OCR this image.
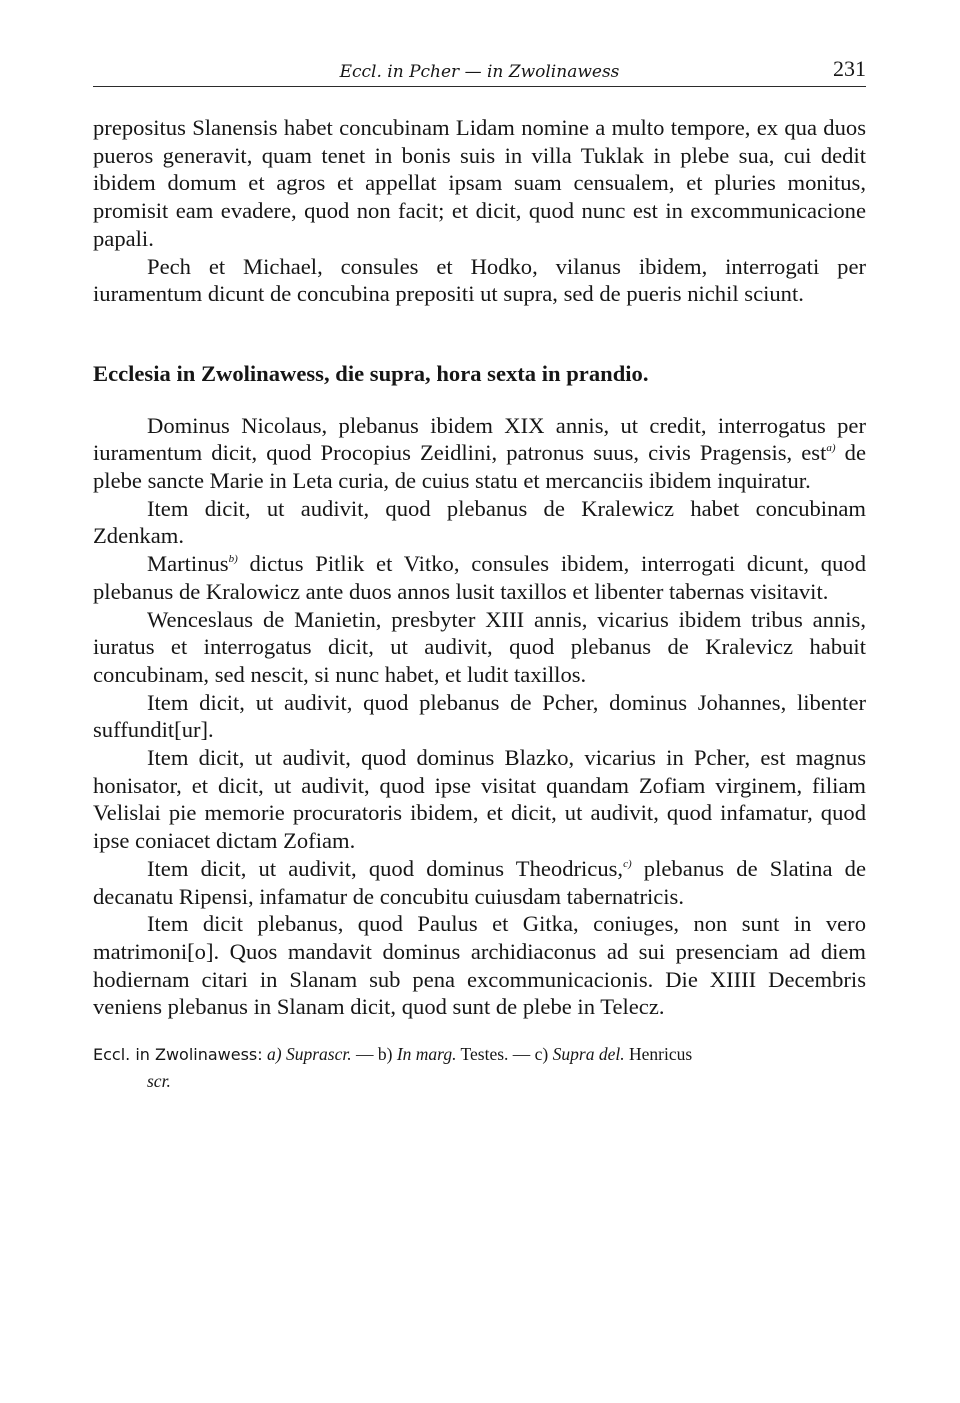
Eccl. in Pcher — in Zwolinawess	231

prepositus Slanensis habet concubinam Lidam nomine a multo tempore, ex qua duos pueros generavit, quam tenet in bonis suis in villa Tuklak in plebe sua, cui dedit ibidem domum et agros et appellat ipsam suam censualem, et pluries monitus, promisit eam evadere, quod non facit; et dicit, quod nunc est in excommunicacione papali.

Pech et Michael, consules et Hodko, vilanus ibidem, interrogati per iuramentum dicunt de concubina prepositi ut supra, sed de pueris nichil sciunt.

Ecclesia in Zwolinawess, die supra, hora sexta in prandio.

Dominus Nicolaus, plebanus ibidem XIX annis, ut credit, interrogatus per iuramentum dicit, quod Procopius Zeidlini, patronus suus, civis Pragensis, est$^{a)}$ de plebe sancte Marie in Leta curia, de cuius statu et mercanciis ibidem inquiratur.

Item dicit, ut audivit, quod plebanus de Kralewicz habet concubinam Zdenkam.

Martinus$^{b)}$ dictus Pitlik et Vitko, consules ibidem, interrogati dicunt, quod plebanus de Kralowicz ante duos annos lusit taxillos et libenter tabernas visitavit.

Wenceslaus de Manietin, presbyter XIII annis, vicarius ibidem tribus annis, iuratus et interrogatus dicit, ut audivit, quod plebanus de Kralevicz habuit concubinam, sed nescit, si nunc habet, et ludit taxillos.

Item dicit, ut audivit, quod plebanus de Pcher, dominus Johannes, libenter suffundit[ur].

Item dicit, ut audivit, quod dominus Blazko, vicarius in Pcher, est magnus honisator, et dicit, ut audivit, quod ipse visitat quandam Zofiam virginem, filiam Velislai pie memorie procuratoris ibidem, et dicit, ut audivit, quod infamatur, quod ipse coniacet dictam Zofiam.

Item dicit, ut audivit, quod dominus Theodricus,$^{c)}$ plebanus de Slatina de decanatu Ripensi, infamatur de concubitu cuiusdam tabernatricis.

Item dicit plebanus, quod Paulus et Gitka, coniuges, non sunt in vero matrimoni[o]. Quos mandavit dominus archidiaconus ad sui presenciam ad diem hodiernam citari in Slanam sub pena excommunicacionis. Die XIIII Decembris veniens plebanus in Slanam dicit, quod sunt de plebe in Telecz.

Eccl. in Zwolinawess: a) Suprascr. — b) In marg. Testes. — c) Supra del. Henricus
scr.
